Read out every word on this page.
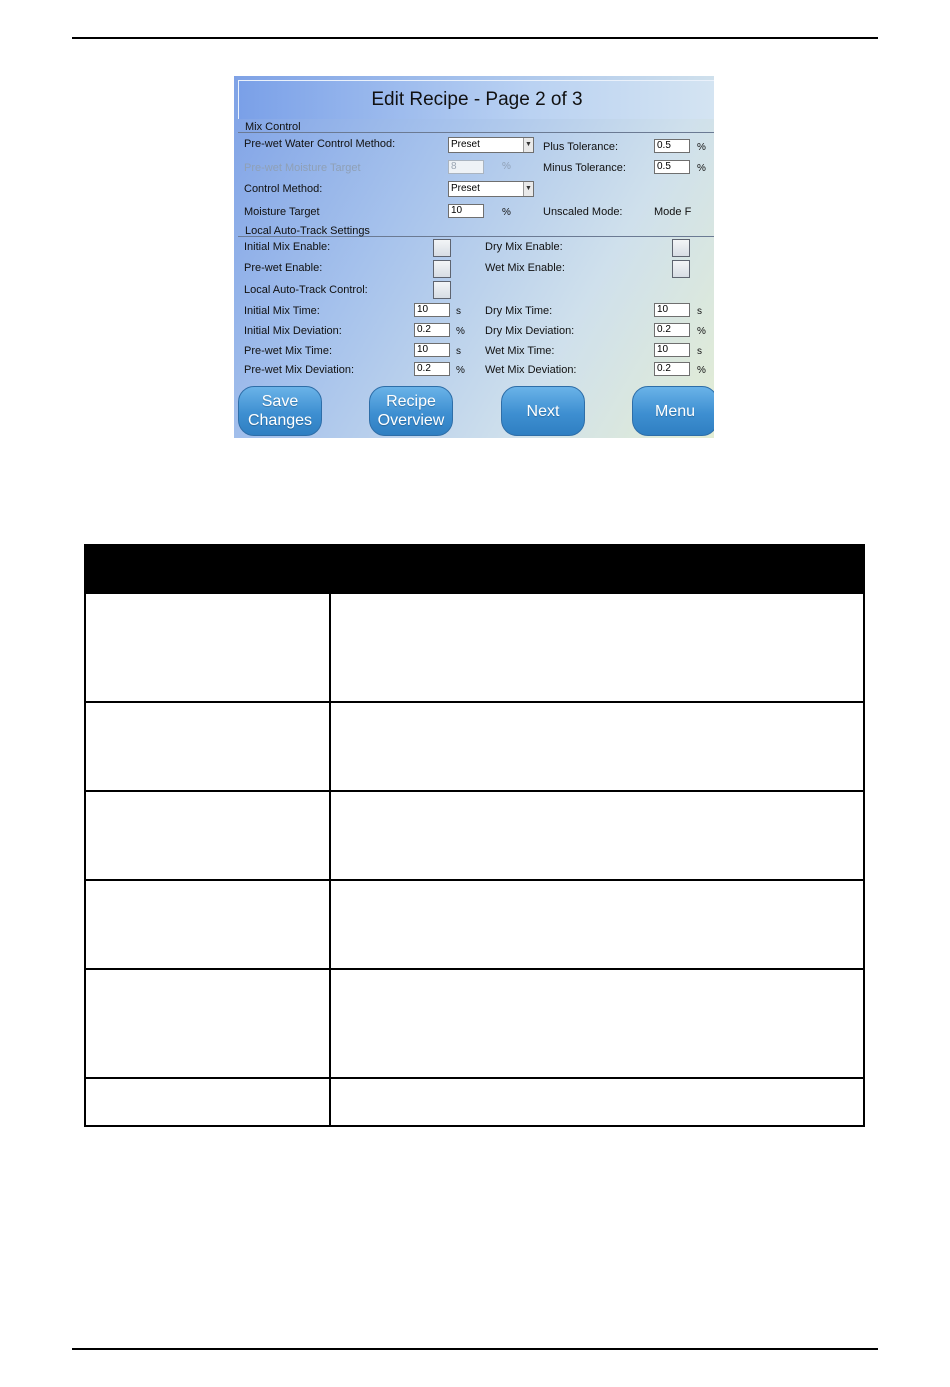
Edit Recipe - Page 2 of 3
Mix Control
Pre-wet Water Control Method:	Preset	▼
Pre-wet Moisture Target	8	%
Control Method:	Preset	▼
Moisture Target	10	%
Plus Tolerance:	0.5	%
Minus Tolerance:	0.5	%
Unscaled Mode:	Mode F
Local Auto-Track Settings
Initial Mix Enable:
Pre-wet Enable:
Local Auto-Track Control:
Dry Mix Enable:
Wet Mix Enable:
Initial Mix Time:	10	s
Initial Mix Deviation:	0.2	%
Pre-wet Mix Time:	10	s
Pre-wet Mix Deviation:	0.2	%
Dry Mix Time:	10	s
Dry Mix Deviation:	0.2	%
Wet Mix Time:	10	s
Wet Mix Deviation:	0.2	%
Save
Changes
Recipe
Overview
Next	Menu
